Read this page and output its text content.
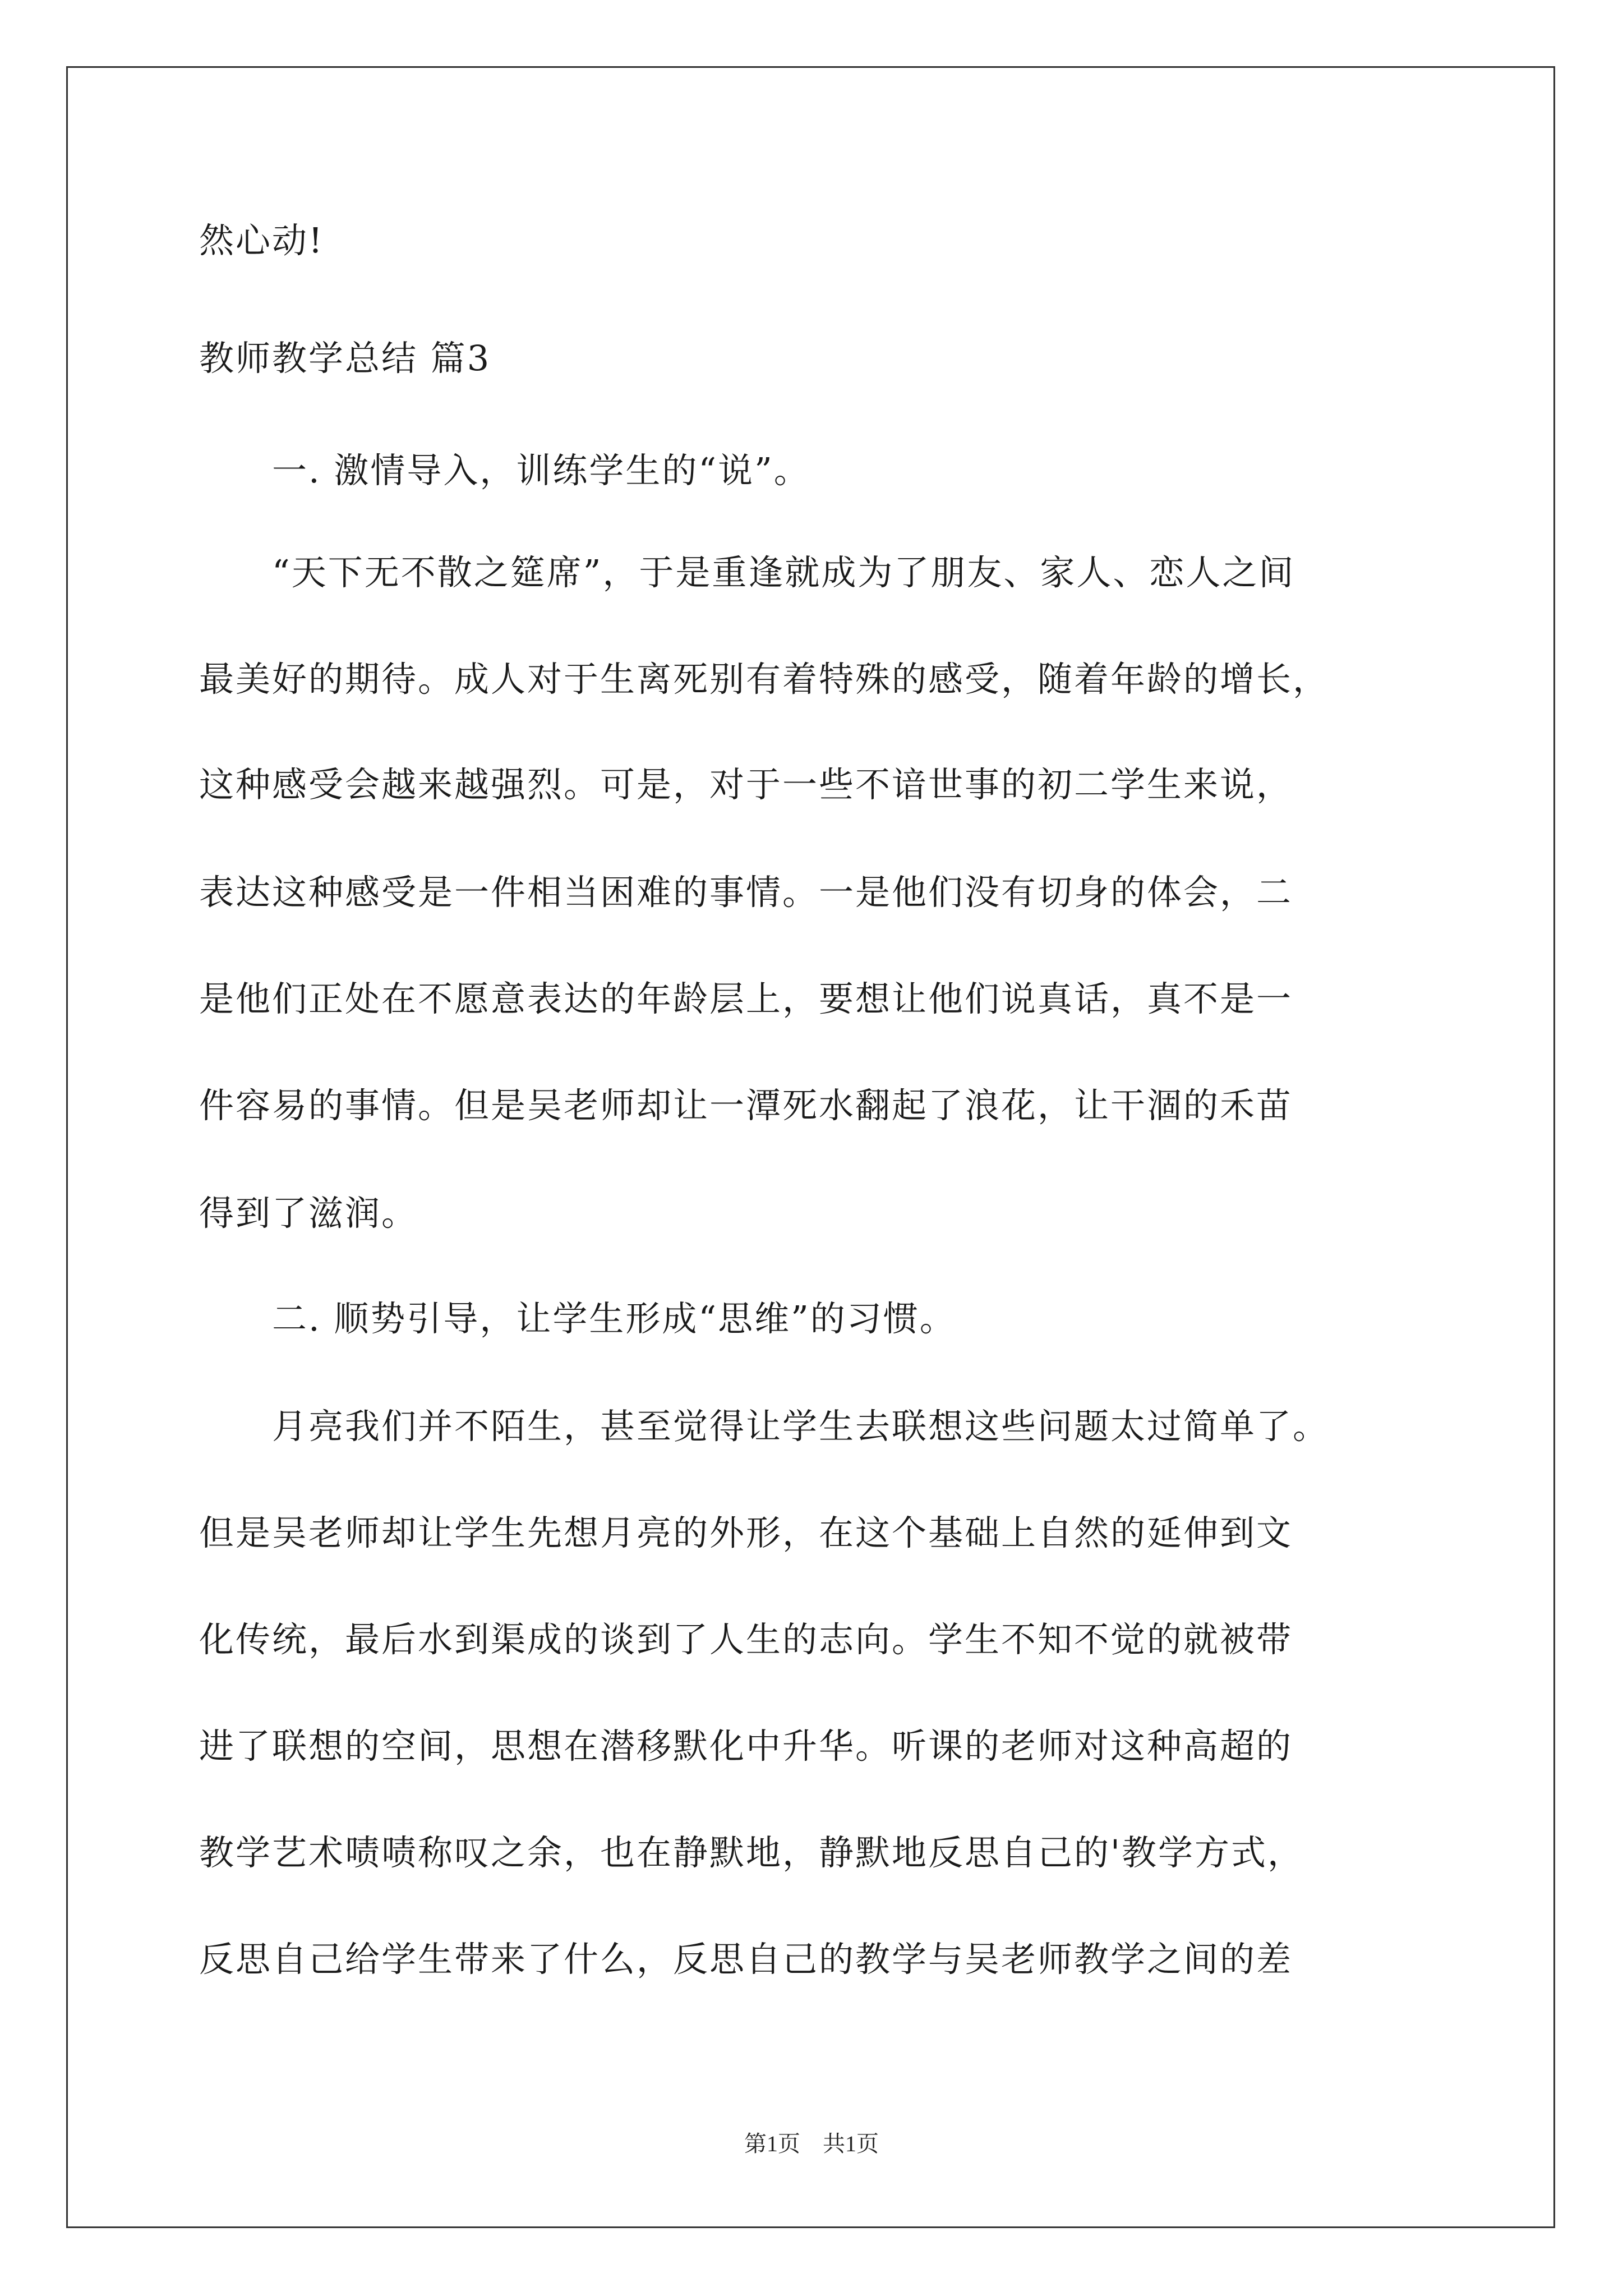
然心动!
教师教学总结 篇3
　　一. 激情导入，训练学生的“说”。
　　“天下无不散之筵席”，于是重逢就成为了朋友、家人、恋人之间
最美好的期待。成人对于生离死别有着特殊的感受，随着年龄的增长，
这种感受会越来越强烈。可是，对于一些不谙世事的初二学生来说，
表达这种感受是一件相当困难的事情。一是他们没有切身的体会，二
是他们正处在不愿意表达的年龄层上，要想让他们说真话，真不是一
件容易的事情。但是吴老师却让一潭死水翻起了浪花，让干涸的禾苗
得到了滋润。
　　二. 顺势引导，让学生形成“思维”的习惯。
　　月亮我们并不陌生，甚至觉得让学生去联想这些问题太过简单了。
但是吴老师却让学生先想月亮的外形，在这个基础上自然的延伸到文
化传统，最后水到渠成的谈到了人生的志向。学生不知不觉的就被带
进了联想的空间，思想在潜移默化中升华。听课的老师对这种高超的
教学艺术啧啧称叹之余，也在静默地，静默地反思自己的'教学方式，
反思自己给学生带来了什么，反思自己的教学与吴老师教学之间的差
第1页　共1页
